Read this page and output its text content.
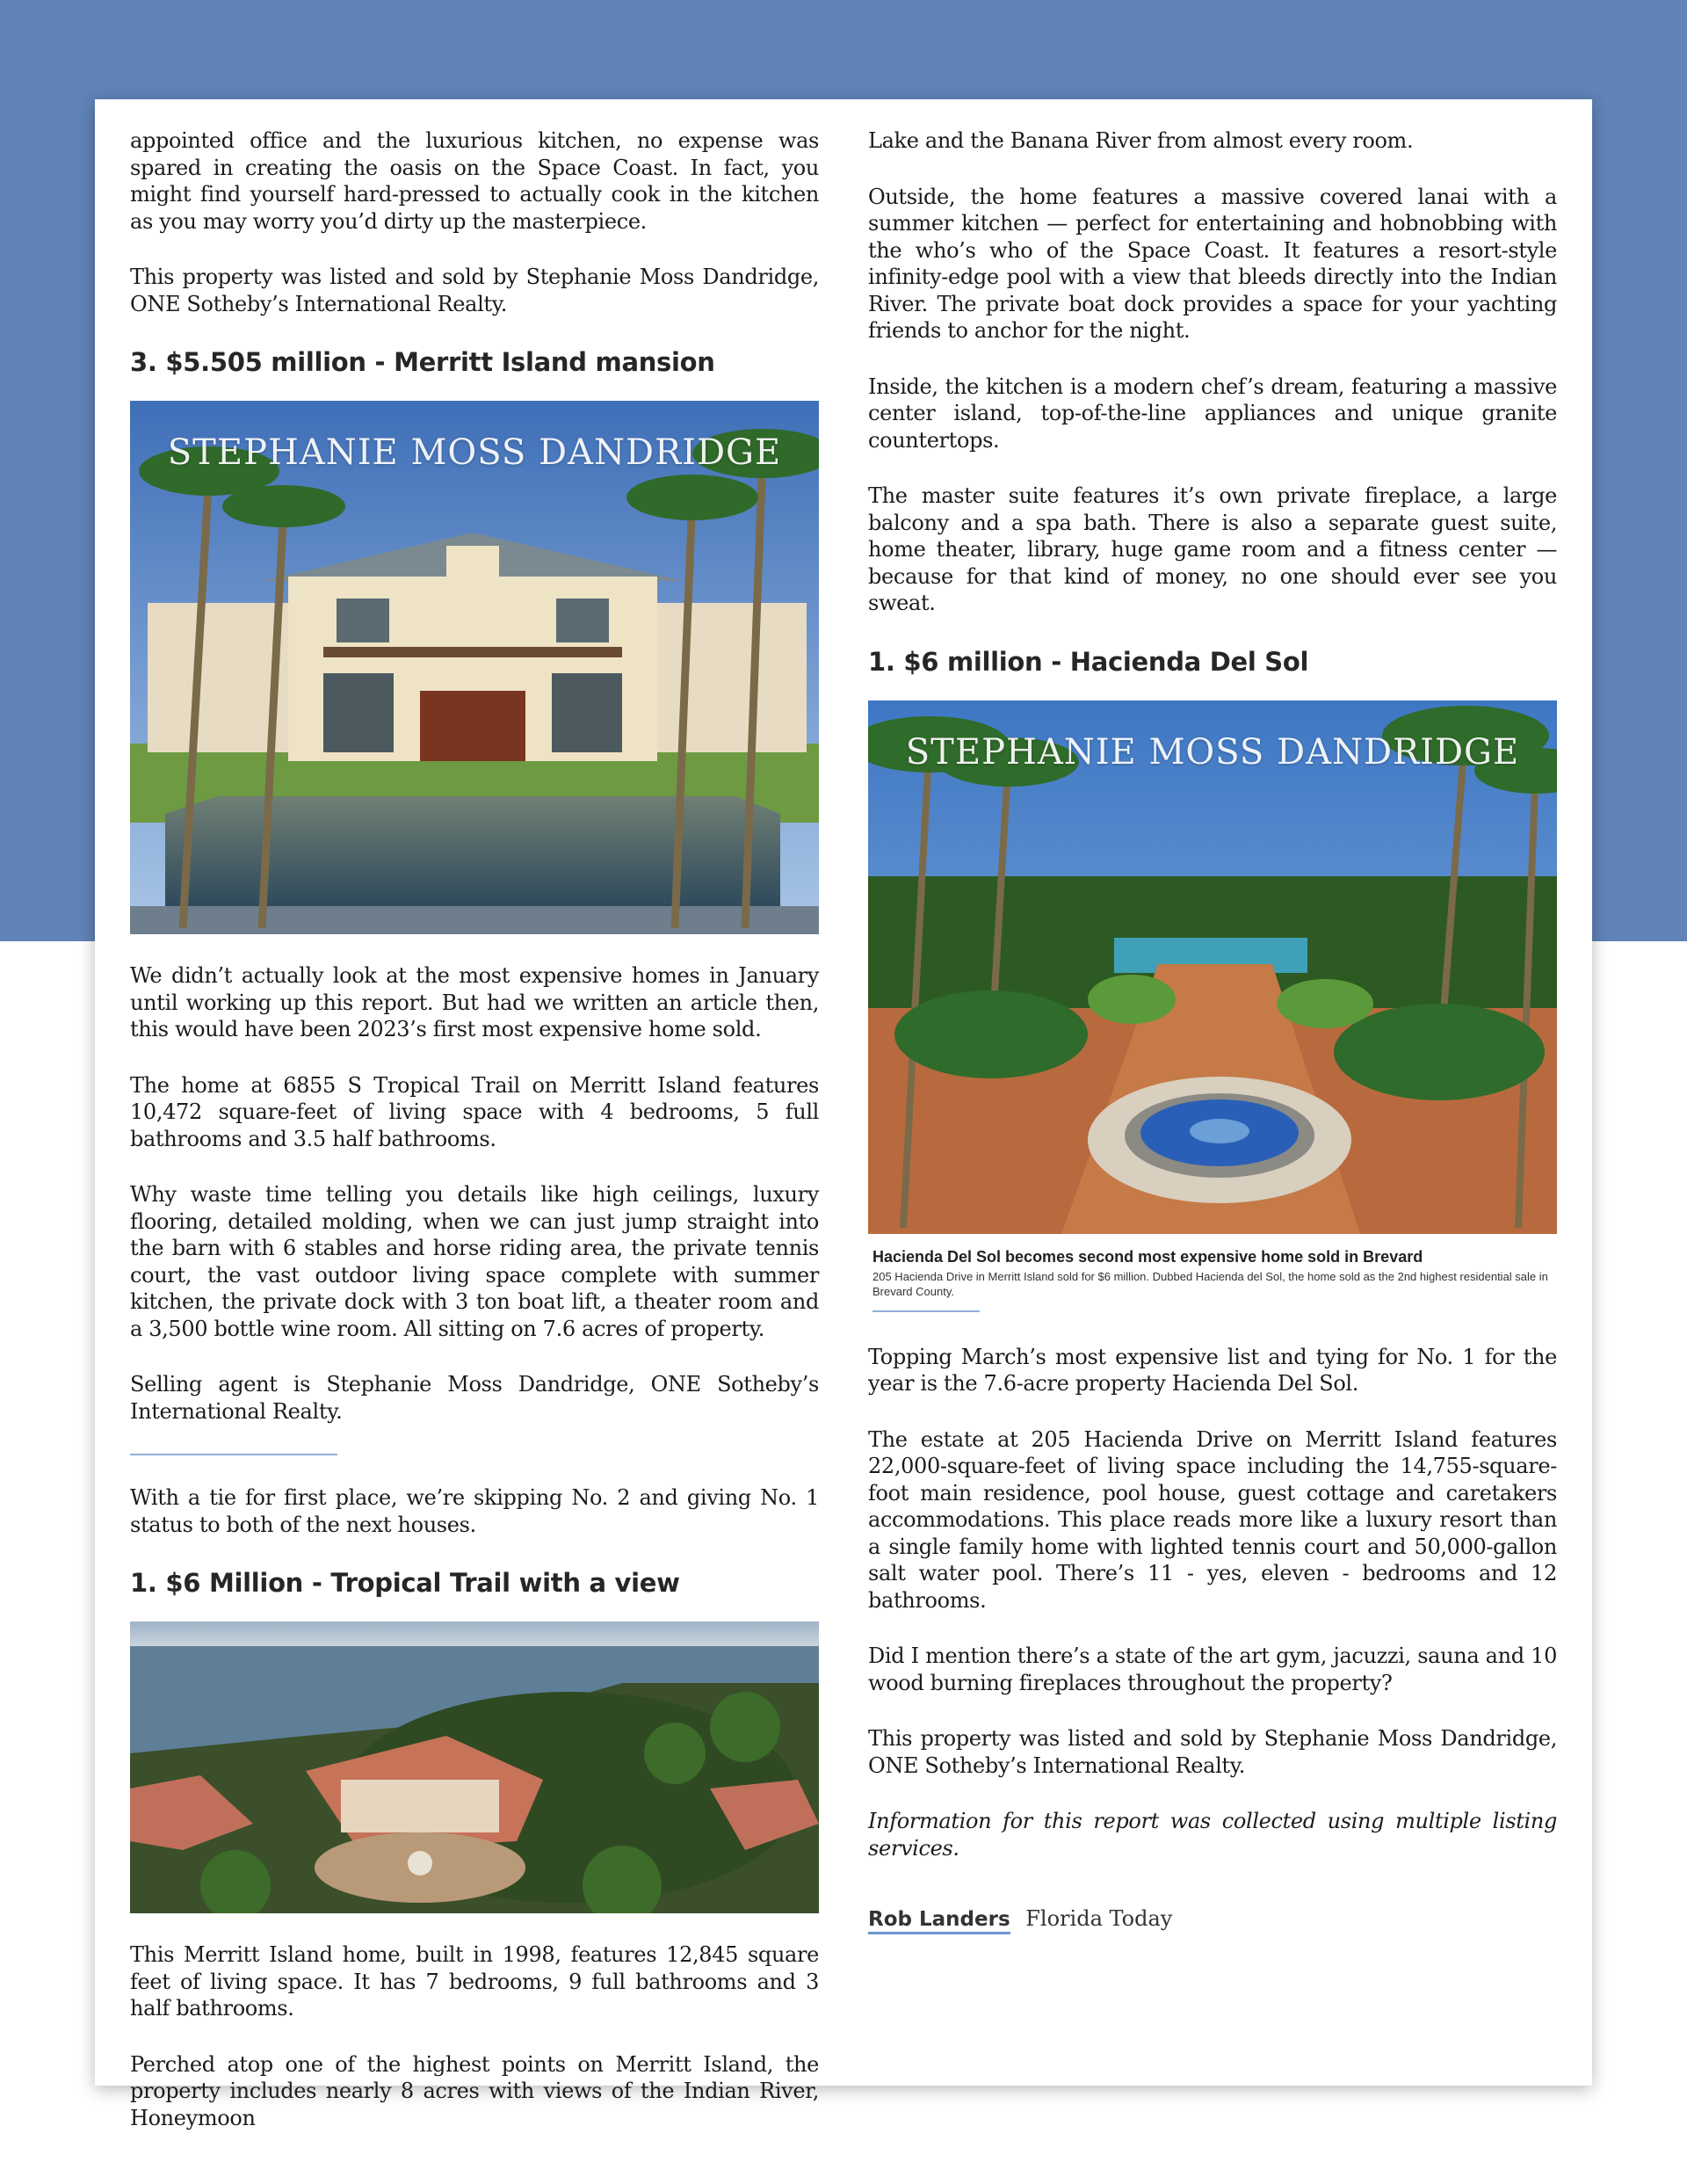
appointed office and the luxurious kitchen, no expense was spared in creating the oasis on the Space Coast. In fact, you might find yourself hard-pressed to actually cook in the kitchen as you may worry you’d dirty up the masterpiece.

This property was listed and sold by Stephanie Moss Dandridge, ONE Sotheby’s International Realty.

3. $5.505 million - Merritt Island mansion
STEPHANIE MOSS DANDRIDGE

We didn’t actually look at the most expensive homes in January until working up this report. But had we written an article then, this would have been 2023’s first most expensive home sold.

The home at 6855 S Tropical Trail on Merritt Island features 10,472 square-feet of living space with 4 bedrooms, 5 full bathrooms and 3.5 half bathrooms.

Why waste time telling you details like high ceilings, luxury flooring, detailed molding, when we can just jump straight into the barn with 6 stables and horse riding area, the private tennis court, the vast outdoor living space complete with summer kitchen, the private dock with 3 ton boat lift, a theater room and a 3,500 bottle wine room. All sitting on 7.6 acres of property.

Selling agent is Stephanie Moss Dandridge, ONE Sotheby’s International Realty.

With a tie for first place, we’re skipping No. 2 and giving No. 1 status to both of the next houses.

1. $6 Million - Tropical Trail with a view

This Merritt Island home, built in 1998, features 12,845 square feet of living space. It has 7 bedrooms, 9 full bathrooms and 3 half bathrooms.

Perched atop one of the highest points on Merritt Island, the property includes nearly 8 acres with views of the Indian River, Honeymoon

Lake and the Banana River from almost every room.

Outside, the home features a massive covered lanai with a summer kitchen — perfect for entertaining and hobnobbing with the who’s who of the Space Coast. It features a resort-style infinity-edge pool with a view that bleeds directly into the Indian River. The private boat dock provides a space for your yachting friends to anchor for the night.

Inside, the kitchen is a modern chef’s dream, featuring a massive center island, top-of-the-line appliances and unique granite countertops.

The master suite features it’s own private fireplace, a large balcony and a spa bath. There is also a separate guest suite, home theater, library, huge game room and a fitness center — because for that kind of money, no one should ever see you sweat.

1. $6 million - Hacienda Del Sol
STEPHANIE MOSS DANDRIDGE
Hacienda Del Sol becomes second most expensive home sold in Brevard
205 Hacienda Drive in Merritt Island sold for $6 million. Dubbed Hacienda del Sol, the home sold as the 2nd highest residential sale in Brevard County.

Topping March’s most expensive list and tying for No. 1 for the year is the 7.6-acre property Hacienda Del Sol.

The estate at 205 Hacienda Drive on Merritt Island features 22,000-square-feet of living space including the 14,755-square-foot main residence, pool house, guest cottage and caretakers accommodations. This place reads more like a luxury resort than a single family home with lighted tennis court and 50,000-gallon salt water pool. There’s 11 - yes, eleven - bedrooms and 12 bathrooms.

Did I mention there’s a state of the art gym, jacuzzi, sauna and 10 wood burning fireplaces throughout the property?

This property was listed and sold by Stephanie Moss Dandridge, ONE Sotheby’s International Realty.

Information for this report was collected using multiple listing services.

Rob Landers Florida Today
